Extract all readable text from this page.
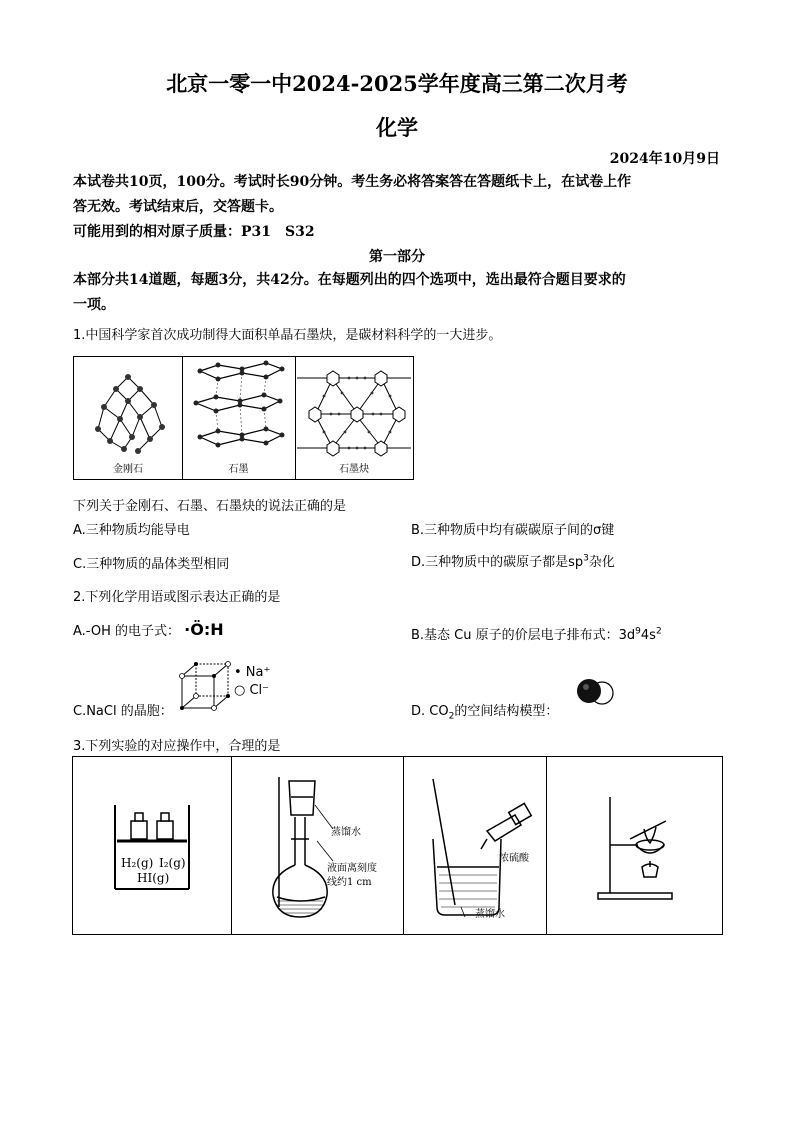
北京一零一中2024-2025学年度高三第二次月考
化学
2024年10月9日
本试卷共10页，100分。考试时长90分钟。考生务必将答案答在答题纸卡上，在试卷上作
答无效。考试结束后，交答题卡。
可能用到的相对原子质量：P31　S32
第一部分
本部分共14道题，每题3分，共42分。在每题列出的四个选项中，选出最符合题目要求的
一项。
1.中国科学家首次成功制得大面积单晶石墨炔，是碳材料科学的一大进步。
金刚石	石墨	石墨炔
下列关于金刚石、石墨、石墨炔的说法正确的是
A.三种物质均能导电	B.三种物质中均有碳碳原子间的σ键
C.三种物质的晶体类型相同	D.三种物质中的碳原子都是$sp^3$杂化
2.下列化学用语或图示表达正确的是
A.-OH 的电子式： ·Ö:H	B.基态 Cu 原子的价层电子排布式：$3d^94s^2$
C.NaCl 的晶胞：
• Na⁺
○ Cl⁻
D. $CO_2$的空间结构模型：
3.下列实验的对应操作中，合理的是
H₂(g) I₂(g)
HI(g)
蒸馏水
液面离刻度
线约1 cm
浓硫酸
蒸馏水
